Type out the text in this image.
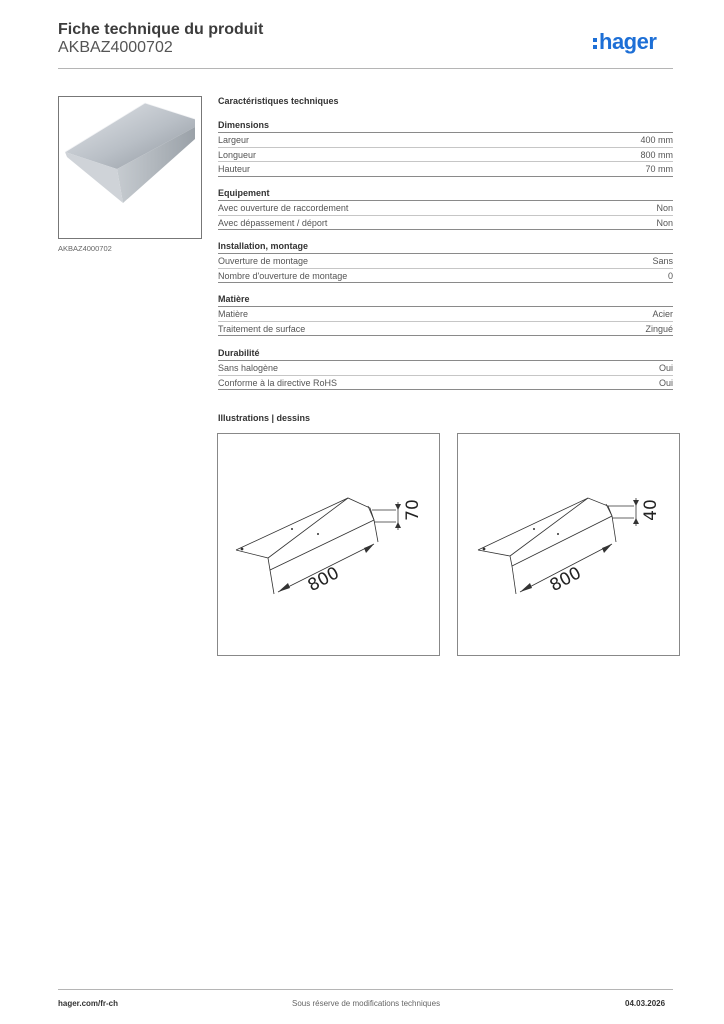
Fiche technique du produit
AKBAZ4000702	hager
AKBAZ4000702
Caractéristiques techniques
Dimensions
Largeur	400 mm
Longueur	800 mm
Hauteur	70 mm
Equipement
Avec ouverture de raccordement	Non
Avec dépassement / déport	Non
Installation, montage
Ouverture de montage	Sans
Nombre d'ouverture de montage	0
Matière
Matière	Acier
Traitement de surface	Zingué
Durabilité
Sans halogène	Oui
Conforme à la directive RoHS	Oui
Illustrations | dessins
800
70
800
40
hager.com/fr-ch	Sous réserve de modifications techniques	04.03.2026
